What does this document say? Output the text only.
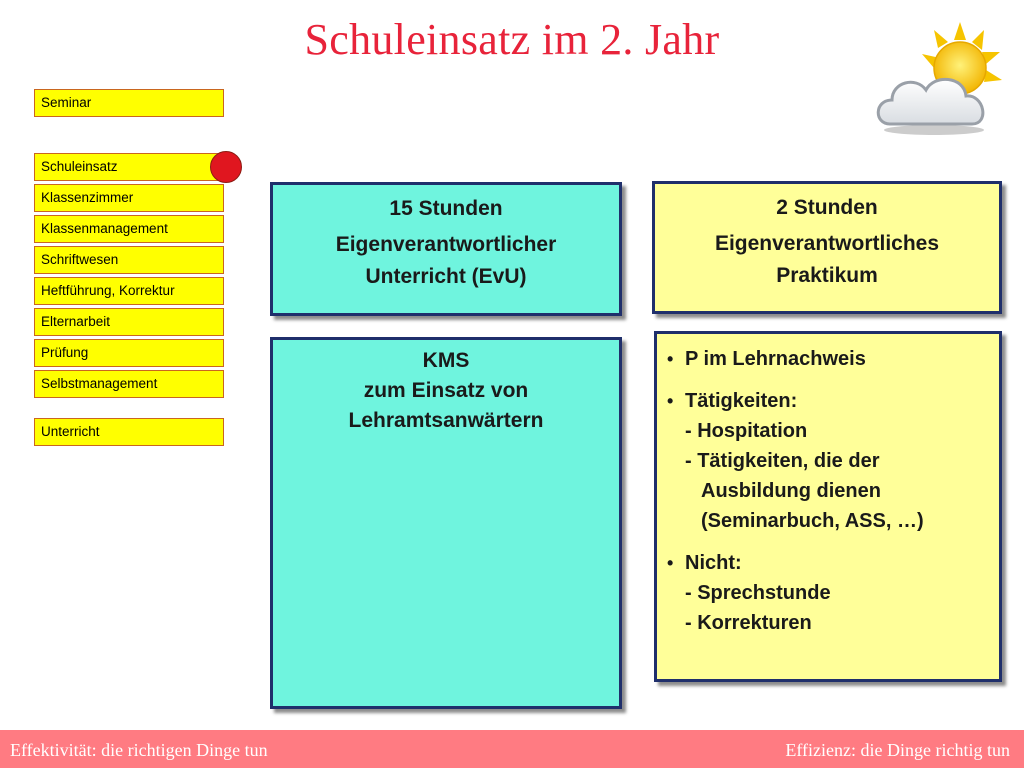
Schuleinsatz im 2. Jahr
Seminar
Schuleinsatz
Klassenzimmer
Klassenmanagement
Schriftwesen
Heftführung, Korrektur
Elternarbeit
Prüfung
Selbstmanagement
Unterricht
15 Stunden
Eigenverantwortlicher
Unterricht (EvU)
2 Stunden
Eigenverantwortliches
Praktikum
KMS
zum Einsatz von
Lehramtsanwärtern
• P im Lehrnachweis
• Tätigkeiten:
- Hospitation
- Tätigkeiten, die der
Ausbildung dienen
(Seminarbuch, ASS, …)
• Nicht:
- Sprechstunde
- Korrekturen
Effektivität: die richtigen Dinge tun	Effizienz: die Dinge richtig tun
